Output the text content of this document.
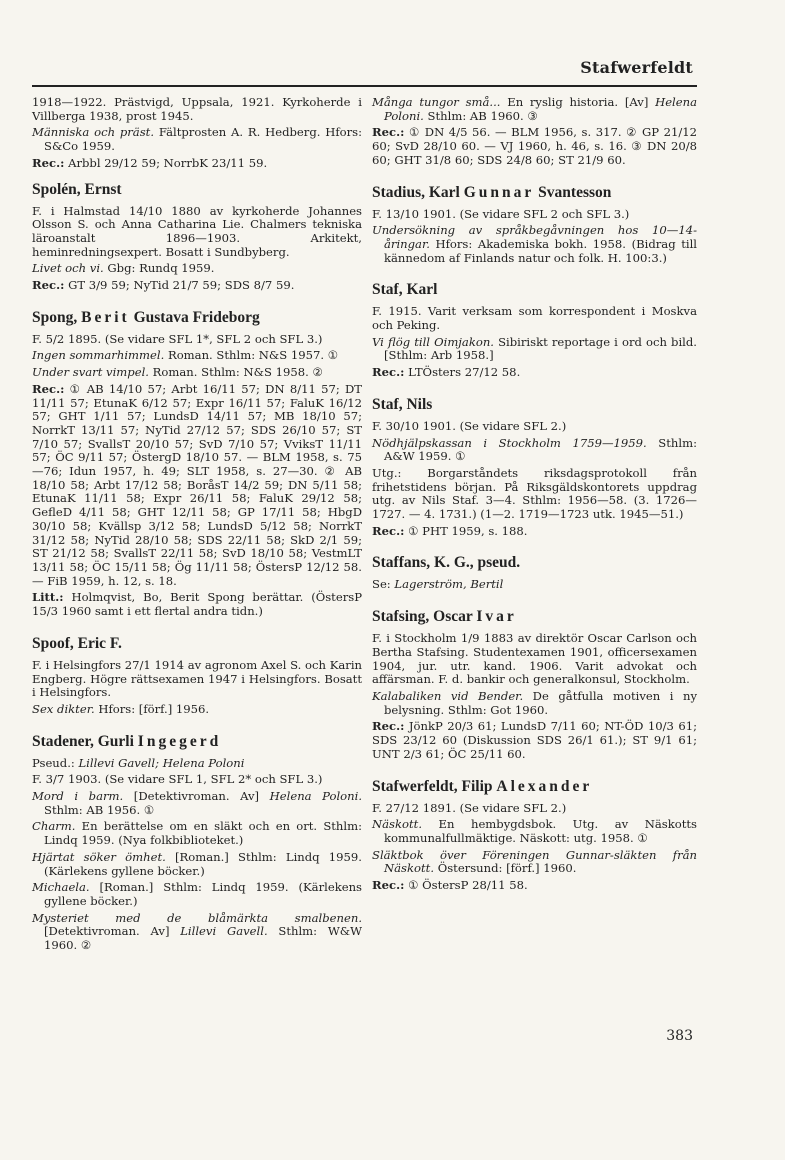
Stafwerfeldt

1918—1922. Prästvigd, Uppsala, 1921. Kyrkoherde i Villberga 1938, prost 1945.

Människa och präst. Fältprosten A. R. Hedberg. Hfors: S&Co 1959.

Rec.: Arbbl 29/12 59; NorrbK 23/11 59.

Spolén, Ernst

F. i Halmstad 14/10 1880 av kyrkoherde Johannes Olsson S. och Anna Catharina Lie. Chalmers tekniska läroanstalt 1896—1903. Arkitekt, heminredningsexpert. Bosatt i Sundbyberg.

Livet och vi. Gbg: Rundq 1959.

Rec.: GT 3/9 59; NyTid 21/7 59; SDS 8/7 59.

Spong, Berit Gustava Frideborg

F. 5/2 1895. (Se vidare SFL 1*, SFL 2 och SFL 3.)

Ingen sommarhimmel. Roman. Sthlm: N&S 1957. ①

Under svart vimpel. Roman. Sthlm: N&S 1958. ②

Rec.: ① AB 14/10 57; Arbt 16/11 57; DN 8/11 57; DT 11/11 57; EtunaK 6/12 57; Expr 16/11 57; FaluK 16/12 57; GHT 1/11 57; LundsD 14/11 57; MB 18/10 57; NorrkT 13/11 57; NyTid 27/12 57; SDS 26/10 57; ST 7/10 57; SvallsT 20/10 57; SvD 7/10 57; VviksT 11/11 57; ÖC 9/11 57; ÖstergD 18/10 57. — BLM 1958, s. 75—76; Idun 1957, h. 49; SLT 1958, s. 27—30. ② AB 18/10 58; Arbt 17/12 58; BoråsT 14/2 59; DN 5/11 58; EtunaK 11/11 58; Expr 26/11 58; FaluK 29/12 58; GefleD 4/11 58; GHT 12/11 58; GP 17/11 58; HbgD 30/10 58; Kvällsp 3/12 58; LundsD 5/12 58; NorrkT 31/12 58; NyTid 28/10 58; SDS 22/11 58; SkD 2/1 59; ST 21/12 58; SvallsT 22/11 58; SvD 18/10 58; VestmLT 13/11 58; ÖC 15/11 58; Ög 11/11 58; ÖstersP 12/12 58. — FiB 1959, h. 12, s. 18.

Litt.: Holmqvist, Bo, Berit Spong berättar. (ÖstersP 15/3 1960 samt i ett flertal andra tidn.)

Spoof, Eric F.

F. i Helsingfors 27/1 1914 av agronom Axel S. och Karin Engberg. Högre rättsexamen 1947 i Helsingfors. Bosatt i Helsingfors.

Sex dikter. Hfors: [förf.] 1956.

Stadener, Gurli Ingegerd

Pseud.: Lillevi Gavell; Helena Poloni

F. 3/7 1903. (Se vidare SFL 1, SFL 2* och SFL 3.)

Mord i barm. [Detektivroman. Av] Helena Poloni. Sthlm: AB 1956. ①

Charm. En berättelse om en släkt och en ort. Sthlm: Lindq 1959. (Nya folkbiblioteket.)

Hjärtat söker ömhet. [Roman.] Sthlm: Lindq 1959. (Kärlekens gyllene böcker.)

Michaela. [Roman.] Sthlm: Lindq 1959. (Kärlekens gyllene böcker.)

Mysteriet med de blåmärkta smalbenen. [Detektivroman. Av] Lillevi Gavell. Sthlm: W&W 1960. ②

Många tungor små... En ryslig historia. [Av] Helena Poloni. Sthlm: AB 1960. ③

Rec.: ① DN 4/5 56. — BLM 1956, s. 317. ② GP 21/12 60; SvD 28/10 60. — VJ 1960, h. 46, s. 16. ③ DN 20/8 60; GHT 31/8 60; SDS 24/8 60; ST 21/9 60.

Stadius, Karl Gunnar Svantesson

F. 13/10 1901. (Se vidare SFL 2 och SFL 3.)

Undersökning av språkbegåvningen hos 10—14-åringar. Hfors: Akademiska bokh. 1958. (Bidrag till kännedom af Finlands natur och folk. H. 100:3.)

Staf, Karl

F. 1915. Varit verksam som korrespondent i Moskva och Peking.

Vi flög till Oimjakon. Sibiriskt reportage i ord och bild. [Sthlm: Arb 1958.]

Rec.: LTÖsters 27/12 58.

Staf, Nils

F. 30/10 1901. (Se vidare SFL 2.)

Nödhjälpskassan i Stockholm 1759—1959. Sthlm: A&W 1959. ①

Utg.: Borgarståndets riksdagsprotokoll från frihetstidens början. På Riksgäldskontorets uppdrag utg. av Nils Staf. 3—4. Sthlm: 1956—58. (3. 1726—1727. — 4. 1731.) (1—2. 1719—1723 utk. 1945—51.)

Rec.: ① PHT 1959, s. 188.

Staffans, K. G., pseud.

Se: Lagerström, Bertil

Stafsing, Oscar Ivar

F. i Stockholm 1/9 1883 av direktör Oscar Carlson och Bertha Stafsing. Studentexamen 1901, officersexamen 1904, jur. utr. kand. 1906. Varit advokat och affärsman. F. d. bankir och generalkonsul, Stockholm.

Kalabaliken vid Bender. De gåtfulla motiven i ny belysning. Sthlm: Got 1960.

Rec.: JönkP 20/3 61; LundsD 7/11 60; NT-ÖD 10/3 61; SDS 23/12 60 (Diskussion SDS 26/1 61.); ST 9/1 61; UNT 2/3 61; ÖC 25/11 60.

Stafwerfeldt, Filip Alexander

F. 27/12 1891. (Se vidare SFL 2.)

Näskott. En hembygdsbok. Utg. av Näskotts kommunalfullmäktige. Näskott: utg. 1958. ①

Släktbok över Föreningen Gunnar-släkten från Näskott. Östersund: [förf.] 1960.

Rec.: ① ÖstersP 28/11 58.

383
